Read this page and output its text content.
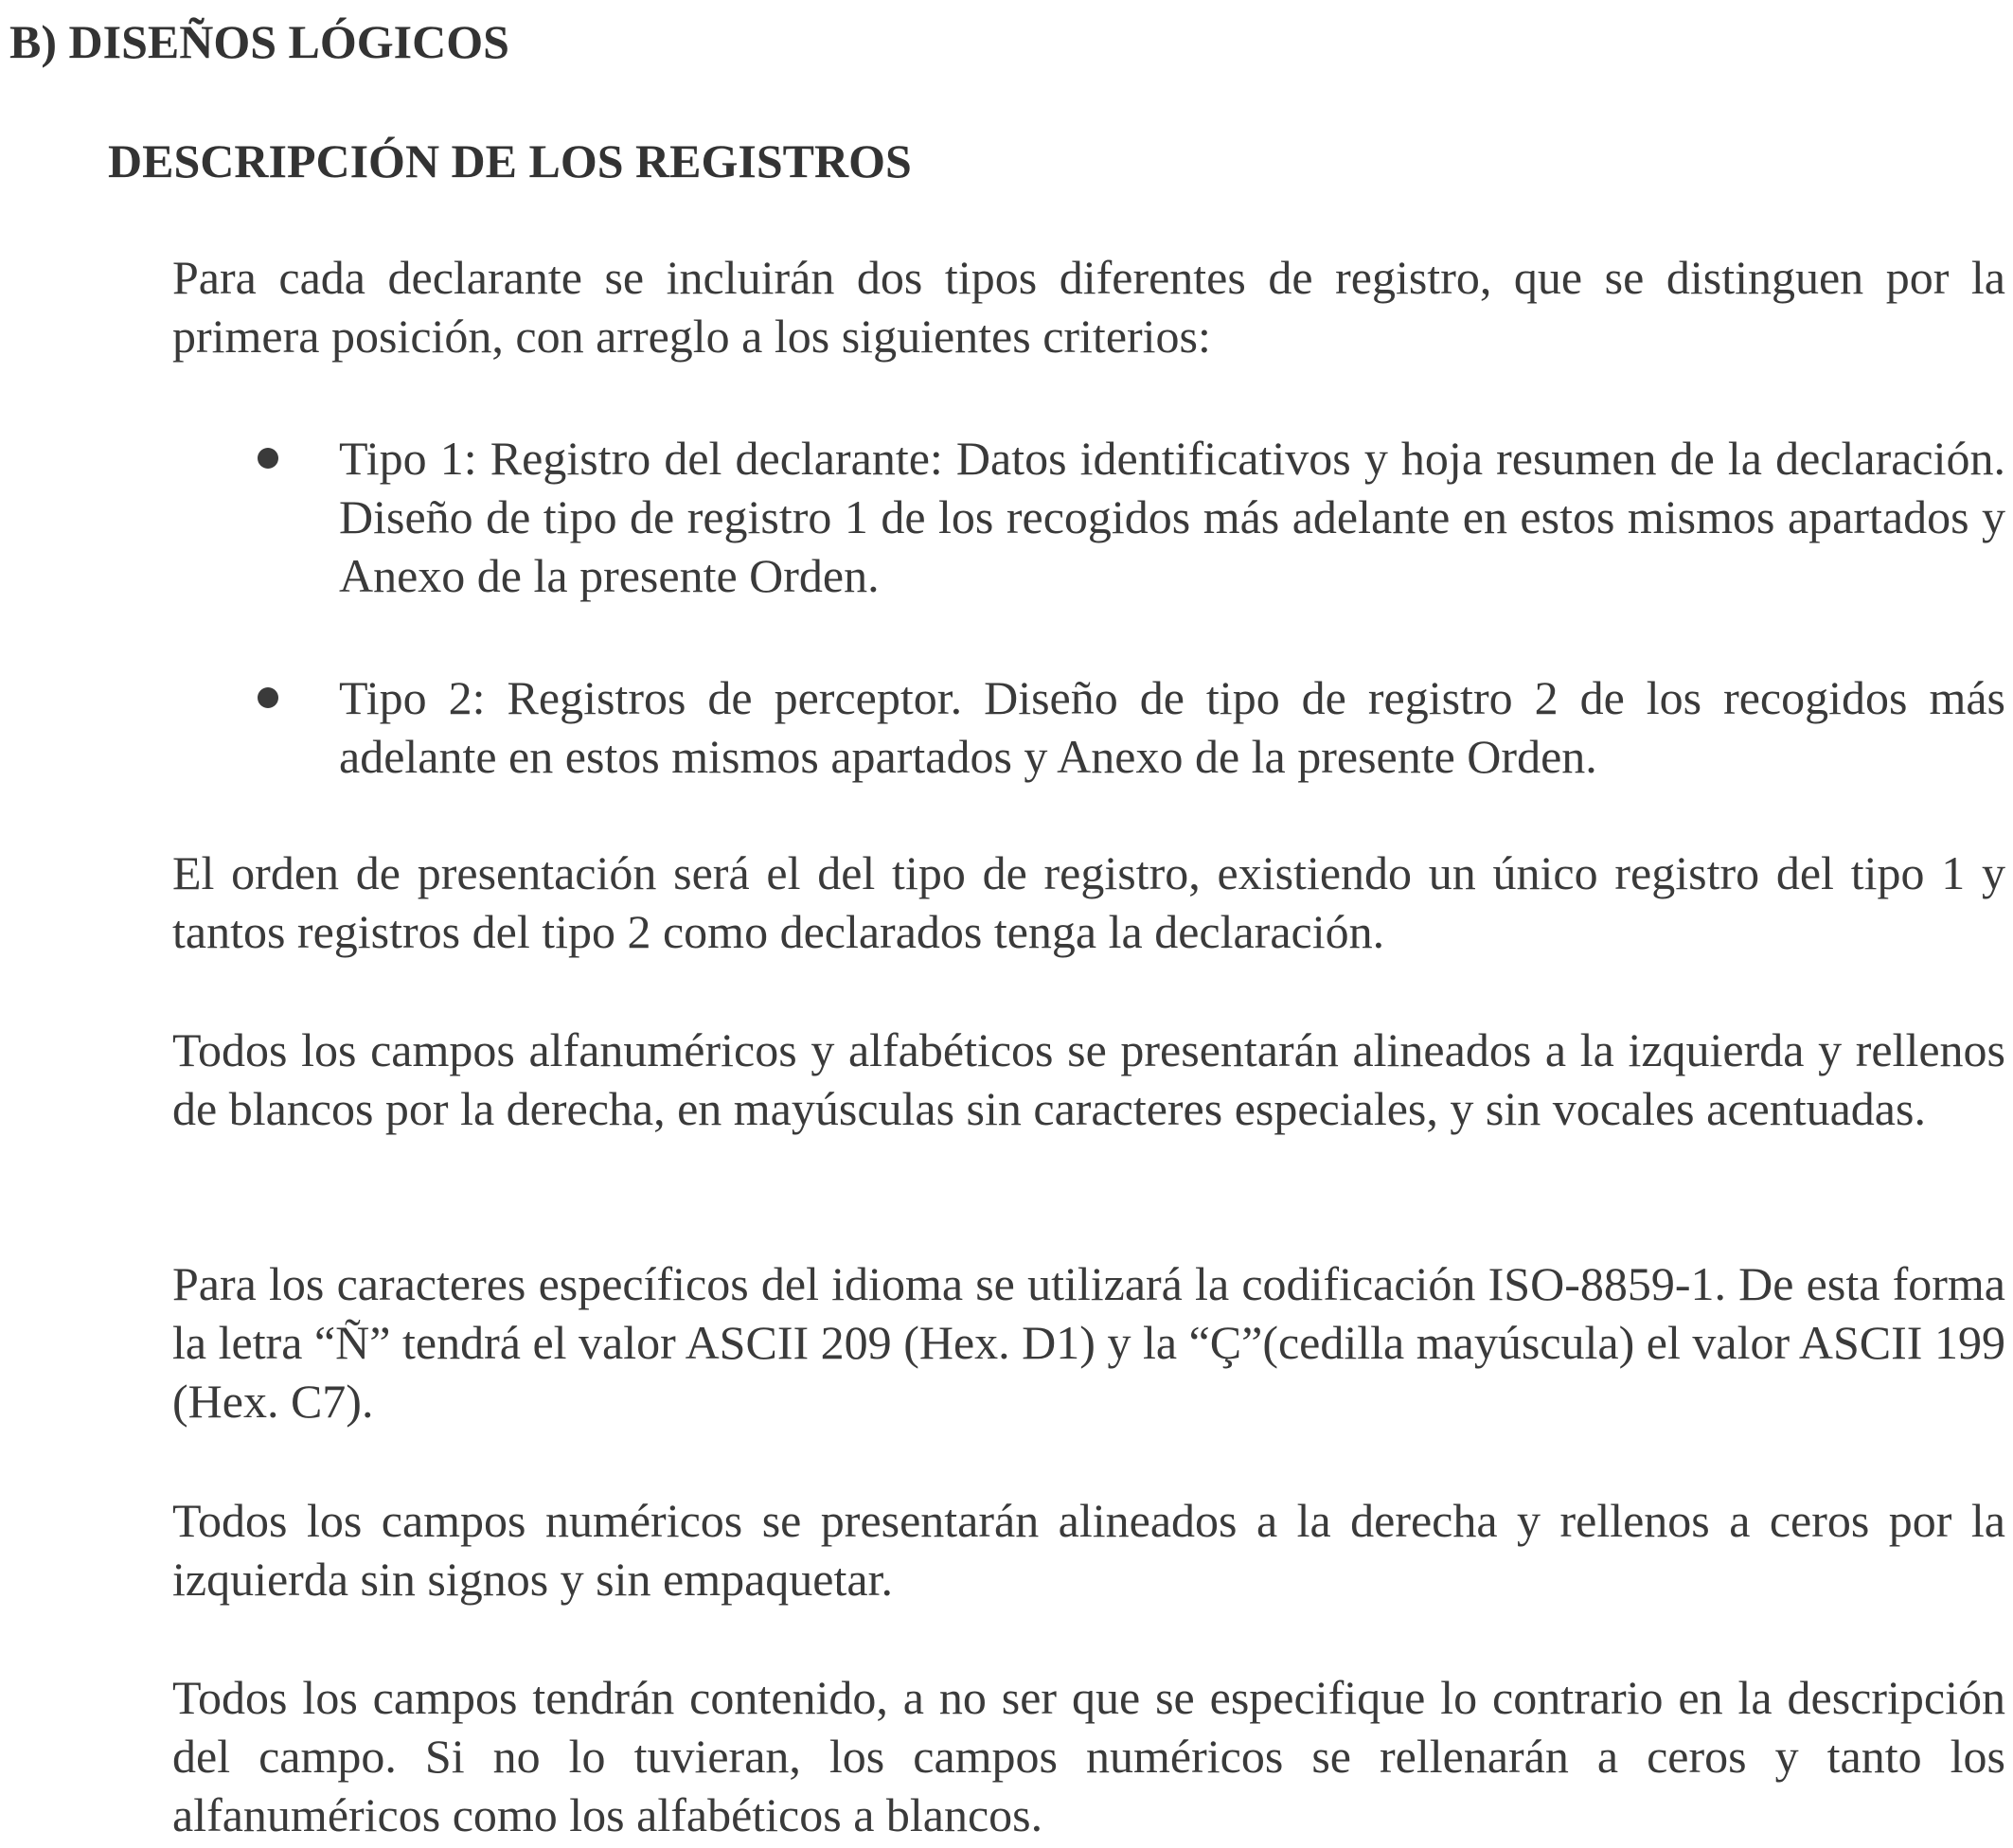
B) DISEÑOS LÓGICOS
DESCRIPCIÓN DE LOS REGISTROS

Para cada declarante se incluirán dos tipos diferentes de registro, que se distinguen por la primera posición, con arreglo a los siguientes criterios:

Tipo 1: Registro del declarante: Datos identificativos y hoja resumen de la declaración. Diseño de tipo de registro 1 de los recogidos más adelante en estos mismos apartados y Anexo de la presente Orden.

Tipo 2: Registros de perceptor. Diseño de tipo de registro 2 de los recogidos más adelante en estos mismos apartados y Anexo de la presente Orden.

El orden de presentación será el del tipo de registro, existiendo un único registro del tipo 1 y tantos registros del tipo 2 como declarados tenga la declaración.

Todos los campos alfanuméricos y alfabéticos se presentarán alineados a la izquierda y rellenos de blancos por la derecha, en mayúsculas sin caracteres especiales, y sin vocales acentuadas.

Para los caracteres específicos del idioma se utilizará la codificación ISO-8859-1. De esta forma la letra “Ñ” tendrá el valor ASCII 209 (Hex. D1) y la “Ç”(cedilla mayúscula) el valor ASCII 199 (Hex. C7).

Todos los campos numéricos se presentarán alineados a la derecha y rellenos a ceros por la izquierda sin signos y sin empaquetar.

Todos los campos tendrán contenido, a no ser que se especifique lo contrario en la descripción del campo. Si no lo tuvieran, los campos numéricos se rellenarán a ceros y tanto los alfanuméricos como los alfabéticos a blancos.
